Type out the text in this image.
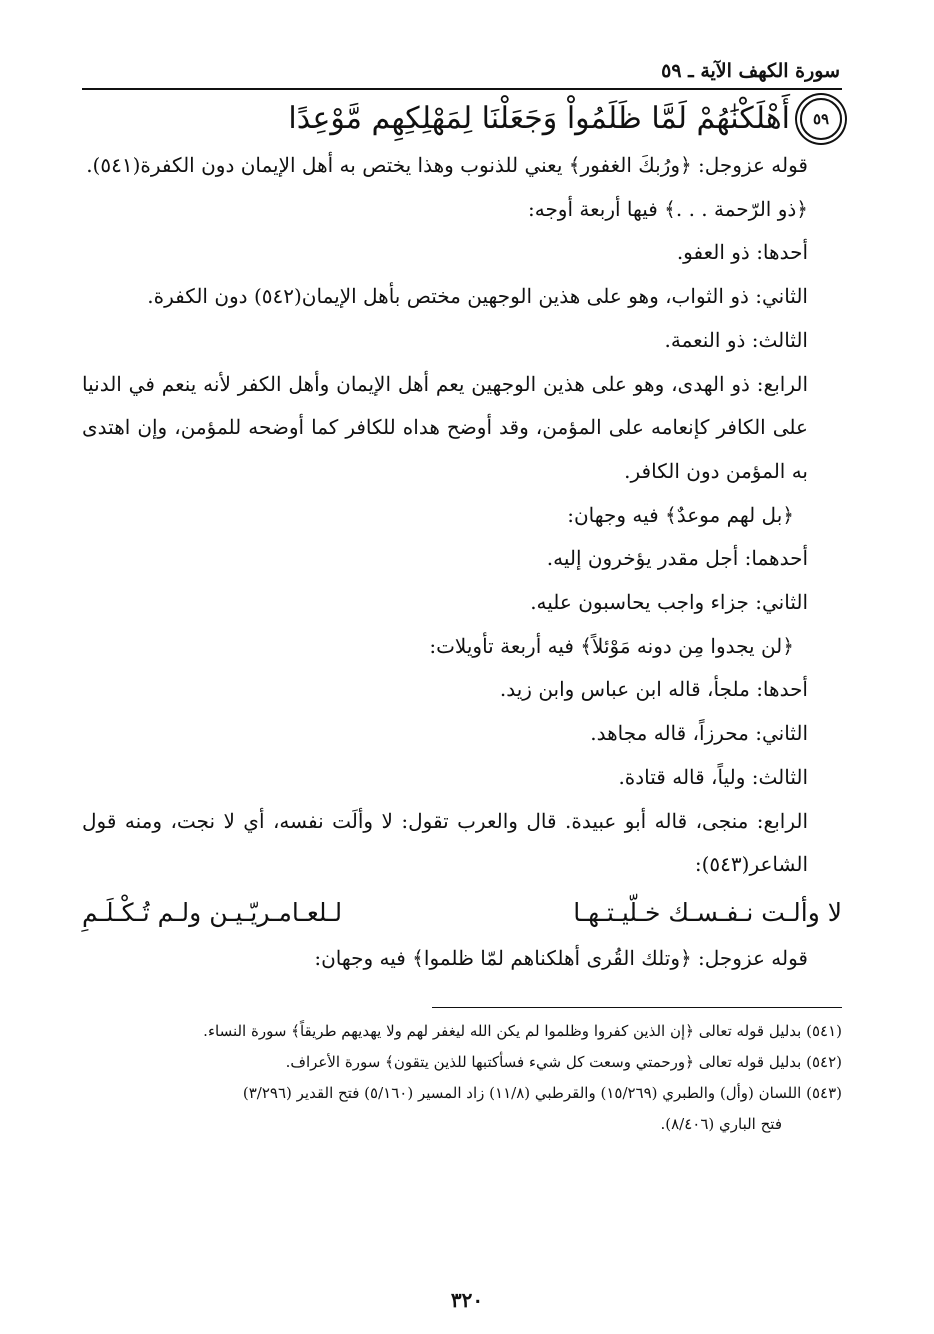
سورة الكهف الآية ـ ٥٩
٥٩
أَهْلَكْنَٰهُمْ لَمَّا ظَلَمُواْ وَجَعَلْنَا لِمَهْلِكِهِم مَّوْعِدًا

قوله عزوجل: ﴿ورُبكَ الغفور﴾ يعني للذنوب وهذا يختص به أهل الإيمان دون الكفرة(٥٤١).

﴿ذو الرّحمة . . .﴾ فيها أربعة أوجه:

أحدها: ذو العفو.

الثاني: ذو الثواب، وهو على هذين الوجهين مختص بأهل الإيمان(٥٤٢) دون الكفرة.

الثالث: ذو النعمة.

الرابع: ذو الهدى، وهو على هذين الوجهين يعم أهل الإيمان وأهل الكفر لأنه ينعم في الدنيا على الكافر كإنعامه على المؤمن، وقد أوضح هداه للكافر كما أوضحه للمؤمن، وإن اهتدى به المؤمن دون الكافر.

﴿بل لهم موعدٌ﴾ فيه وجهان:

أحدهما: أجل مقدر يؤخرون إليه.

الثاني: جزاء واجب يحاسبون عليه.

﴿لن يجدوا مِن دونه مَوْئلاً﴾ فيه أربعة تأويلات:

أحدها: ملجأ، قاله ابن عباس وابن زيد.

الثاني: محرزاً، قاله مجاهد.

الثالث: ولياً، قاله قتادة.

الرابع: منجى، قاله أبو عبيدة. قال والعرب تقول: لا وألَت نفسه، أي لا نجت، ومنه قول الشاعر(٥٤٣):

لا وألـت نـفـسـك خـلّيـتـهـا
لـلعـامـريّـيـن ولـم تُـكْـلَـمِ

قوله عزوجل: ﴿وتلك القُرى أهلكناهم لمّا ظلموا﴾ فيه وجهان:

(٥٤١) بدليل قوله تعالى ﴿إن الذين كفروا وظلموا لم يكن الله ليغفر لهم ولا يهديهم طريقاً﴾ سورة النساء.

(٥٤٢) بدليل قوله تعالى ﴿ورحمتي وسعت كل شيء فسأكتبها للذين يتقون﴾ سورة الأعراف.

(٥٤٣) اللسان (وأل) والطبري (١٥/٢٦٩) والقرطبي (١١/٨) زاد المسير (٥/١٦٠) فتح القدير (٣/٢٩٦)

فتح الباري (٨/٤٠٦).

٣٢٠
